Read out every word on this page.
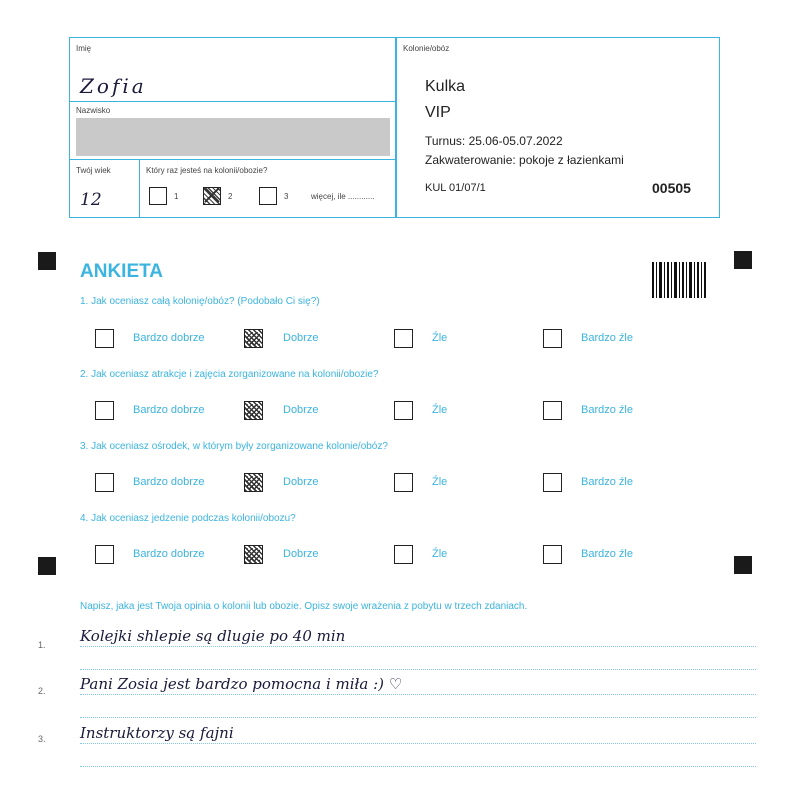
Imię
Zofia
Nazwisko
Twój wiek
12
Który raz jesteś na kolonii/obozie?
1	2	3	więcej, ile ............
Kolonie/obóz
Kulka
VIP
Turnus: 25.06-05.07.2022
Zakwaterowanie: pokoje z łazienkami
KUL 01/07/1	00505
ANKIETA
1. Jak oceniasz całą kolonię/obóz? (Podobało Ci się?)
Bardzo dobrze	Dobrze	Źle	Bardzo źle
2. Jak oceniasz atrakcje i zajęcia zorganizowane na kolonii/obozie?
Bardzo dobrze	Dobrze	Źle	Bardzo źle
3. Jak oceniasz ośrodek, w którym były zorganizowane kolonie/obóz?
Bardzo dobrze	Dobrze	Źle	Bardzo źle
4. Jak oceniasz jedzenie podczas kolonii/obozu?
Bardzo dobrze	Dobrze	Źle	Bardzo źle
Napisz, jaka jest Twoja opinia o kolonii lub obozie. Opisz swoje wrażenia z pobytu w trzech zdaniach.
1. Kolejki shlepie są dlugie po 40 min
2. Pani Zosia jest bardzo pomocna i miła :) ♡
3. Instruktorzy są fajni
